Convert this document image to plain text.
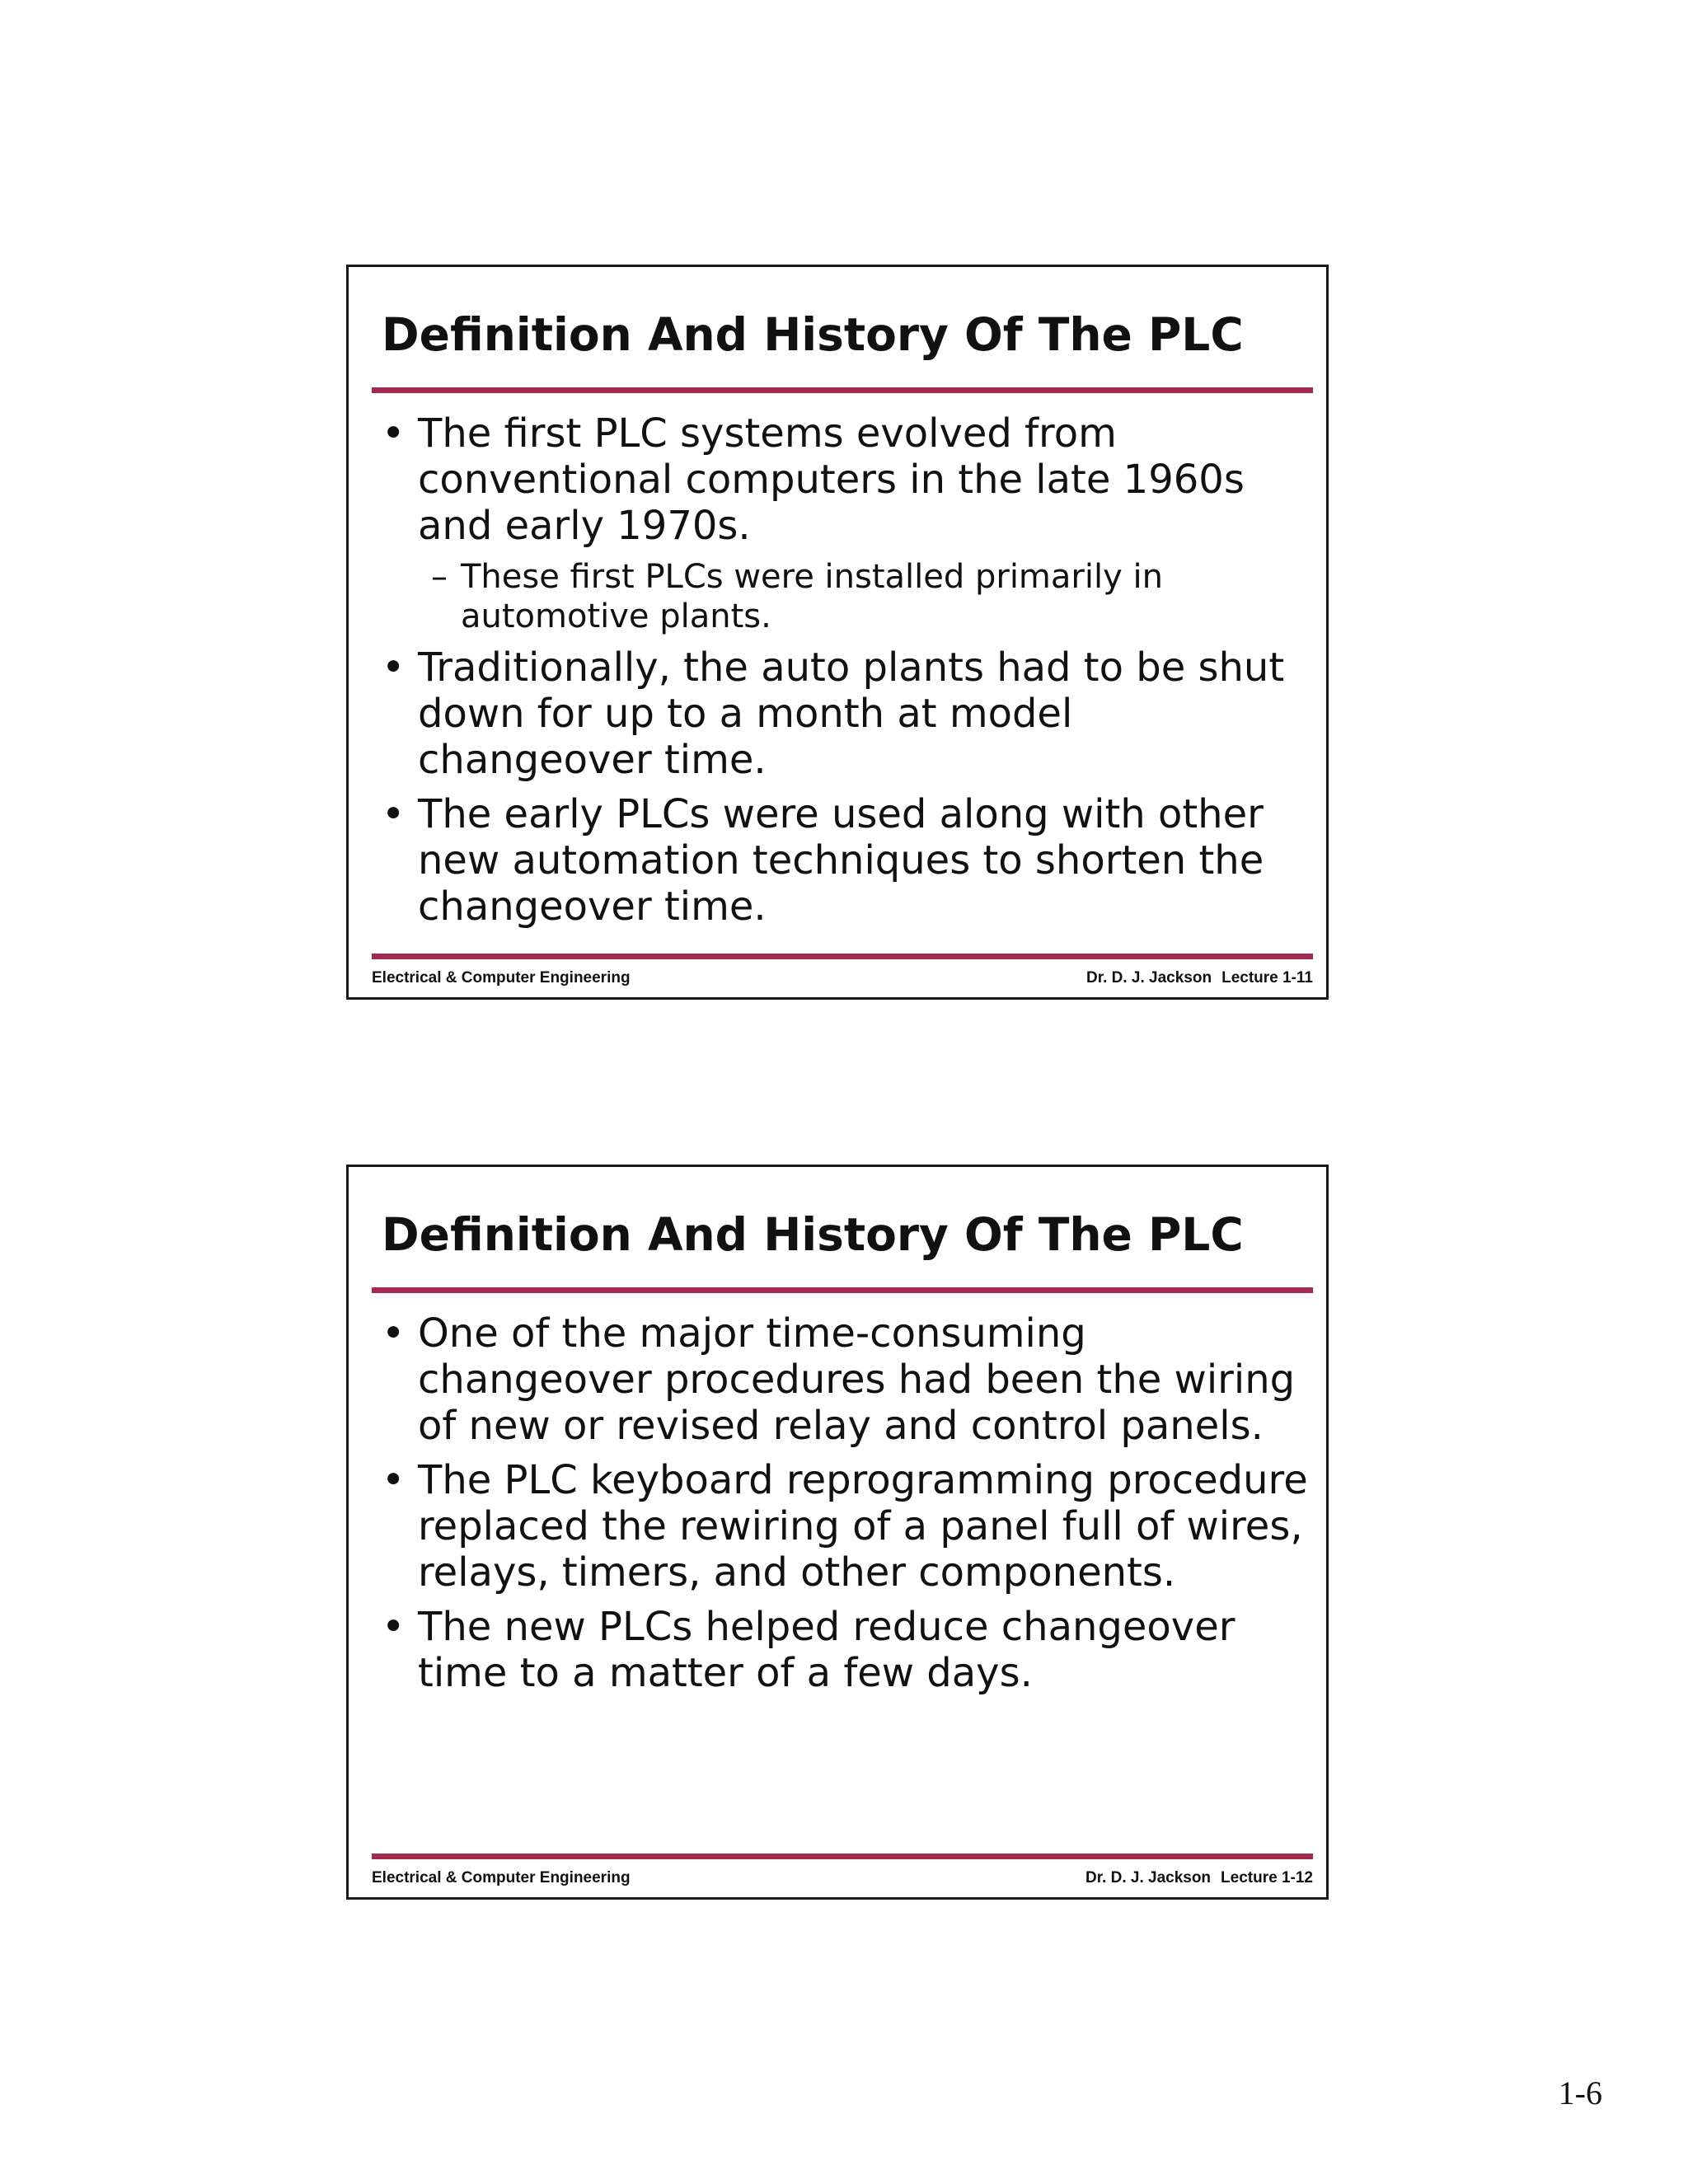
Definition And History Of The PLC
• The first PLC systems evolved from conventional computers in the late 1960s and early 1970s.
– These first PLCs were installed primarily in automotive plants.
• Traditionally, the auto plants had to be shut down for up to a month at model changeover time.
• The early PLCs were used along with other new automation techniques to shorten the changeover time.
Electrical & Computer Engineering	Dr. D. J. Jackson Lecture 1-11
Definition And History Of The PLC
• One of the major time-consuming changeover procedures had been the wiring of new or revised relay and control panels.
• The PLC keyboard reprogramming procedure replaced the rewiring of a panel full of wires, relays, timers, and other components.
• The new PLCs helped reduce changeover time to a matter of a few days.
Electrical & Computer Engineering	Dr. D. J. Jackson Lecture 1-12
1-6
